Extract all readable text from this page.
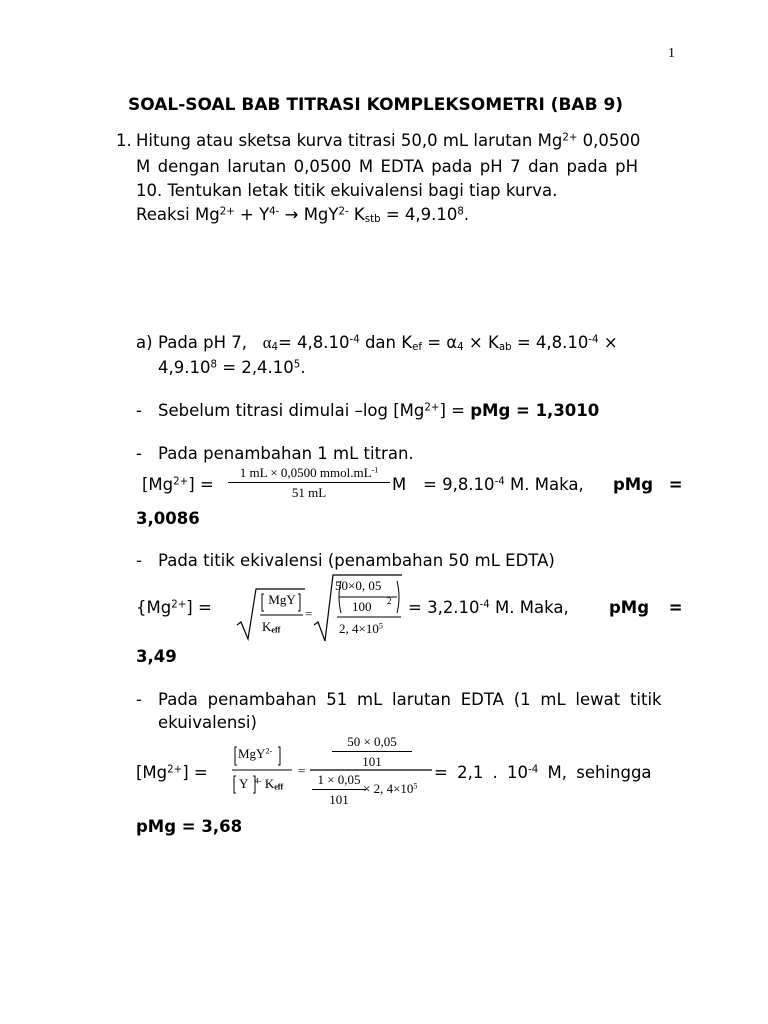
1
SOAL-SOAL BAB TITRASI KOMPLEKSOMETRI (BAB 9)
1. Hitung atau sketsa kurva titrasi 50,0 mL larutan $Mg^{2+}$ 0,0500
M dengan larutan 0,0500 M EDTA pada pH 7 dan pada pH
10. Tentukan letak titik ekuivalensi bagi tiap kurva.
Reaksi $Mg^{2+} + Y^{4-} \to MgY^{2-}$ $K_{stb} = 4,9.10^8$.
a) Pada pH 7, $\alpha_4= 4,8.10^{-4}$ dan $K_{ef} = \alpha_4 \times K_{ab} = 4,8.10^{-4}$ ×
$4,9.10^8 = 2,4.10^5$.
- Sebelum titrasi dimulai –log $[Mg^{2+}]$ = pMg = 1,3010
- Pada penambahan 1 mL titran.
$[Mg^{2+}]$ =
1 mL × 0,0500 $mmol.mL^{-1}$
51 mL	$M = 9,8.10^{-4}$ M. Maka, pMg =
3,0086
- Pada titik ekivalensi (penambahan 50 mL EDTA)
$\{Mg^{2+}]$ =	MgY
$K_{eff}$
=
50×0, 05
100 2
2, $4\times 10^5$
= $3,2.10^{-4}$ M. Maka, pMg =
3,49
- Pada penambahan 51 mL larutan EDTA (1 mL lewat titik
ekuivalensi)
$[Mg^{2+}]$ =
MgY$^{2-}$
Y $^{4-}$ $K_{eff}$
=
$\frac{50 \times 0,05}{101}$
$\frac{1 \times 0,05}{101}$
× 2, $4\times 10^5$
= 2,1 . $10^{-4}$ M, sehingga
pMg = 3,68
